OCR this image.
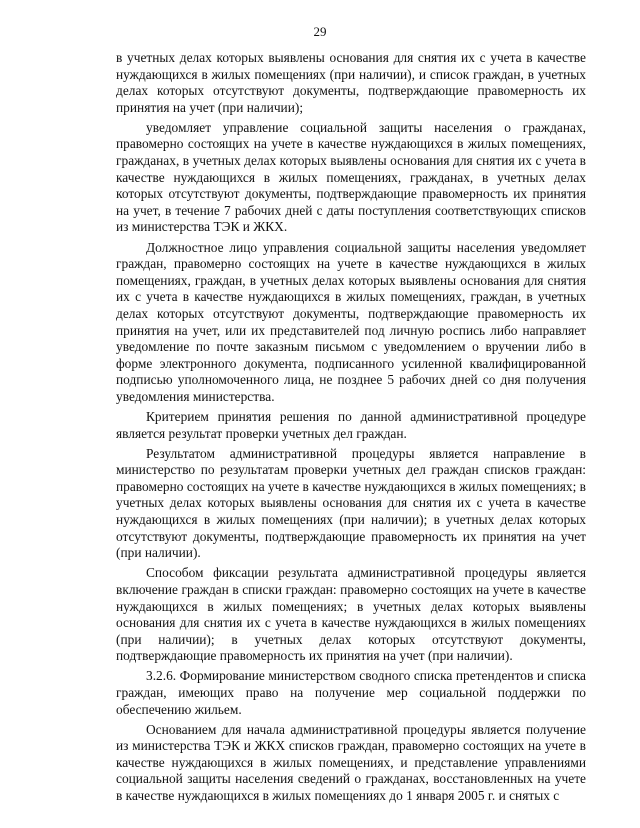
29

в учетных делах которых выявлены основания для снятия их с учета в качестве нуждающихся в жилых помещениях (при наличии), и список граждан, в учетных делах которых отсутствуют документы, подтверждающие правомерность их принятия на учет (при наличии);

уведомляет управление социальной защиты населения о гражданах, правомерно состоящих на учете в качестве нуждающихся в жилых помещениях, гражданах, в учетных делах которых выявлены основания для снятия их с учета в качестве нуждающихся в жилых помещениях, гражданах, в учетных делах которых отсутствуют документы, подтверждающие правомерность их принятия на учет, в течение 7 рабочих дней с даты поступления соответствующих списков из министерства ТЭК и ЖКХ.

Должностное лицо управления социальной защиты населения уведомляет граждан, правомерно состоящих на учете в качестве нуждающихся в жилых помещениях, граждан, в учетных делах которых выявлены основания для снятия их с учета в качестве нуждающихся в жилых помещениях, граждан, в учетных делах которых отсутствуют документы, подтверждающие правомерность их принятия на учет, или их представителей под личную роспись либо направляет уведомление по почте заказным письмом с уведомлением о вручении либо в форме электронного документа, подписанного усиленной квалифицированной подписью уполномоченного лица, не позднее 5 рабочих дней со дня получения уведомления министерства.

Критерием принятия решения по данной административной процедуре является результат проверки учетных дел граждан.

Результатом административной процедуры является направление в министерство по результатам проверки учетных дел граждан списков граждан: правомерно состоящих на учете в качестве нуждающихся в жилых помещениях; в учетных делах которых выявлены основания для снятия их с учета в качестве нуждающихся в жилых помещениях (при наличии); в учетных делах которых отсутствуют документы, подтверждающие правомерность их принятия на учет (при наличии).

Способом фиксации результата административной процедуры является включение граждан в списки граждан: правомерно состоящих на учете в качестве нуждающихся в жилых помещениях; в учетных делах которых выявлены основания для снятия их с учета в качестве нуждающихся в жилых помещениях (при наличии); в учетных делах которых отсутствуют документы, подтверждающие правомерность их принятия на учет (при наличии).

3.2.6. Формирование министерством сводного списка претендентов и списка граждан, имеющих право на получение мер социальной поддержки по обеспечению жильем.

Основанием для начала административной процедуры является получение из министерства ТЭК и ЖКХ списков граждан, правомерно состоящих на учете в качестве нуждающихся в жилых помещениях, и представление управлениями социальной защиты населения сведений о гражданах, восстановленных на учете в качестве нуждающихся в жилых помещениях до 1 января 2005 г. и снятых с
